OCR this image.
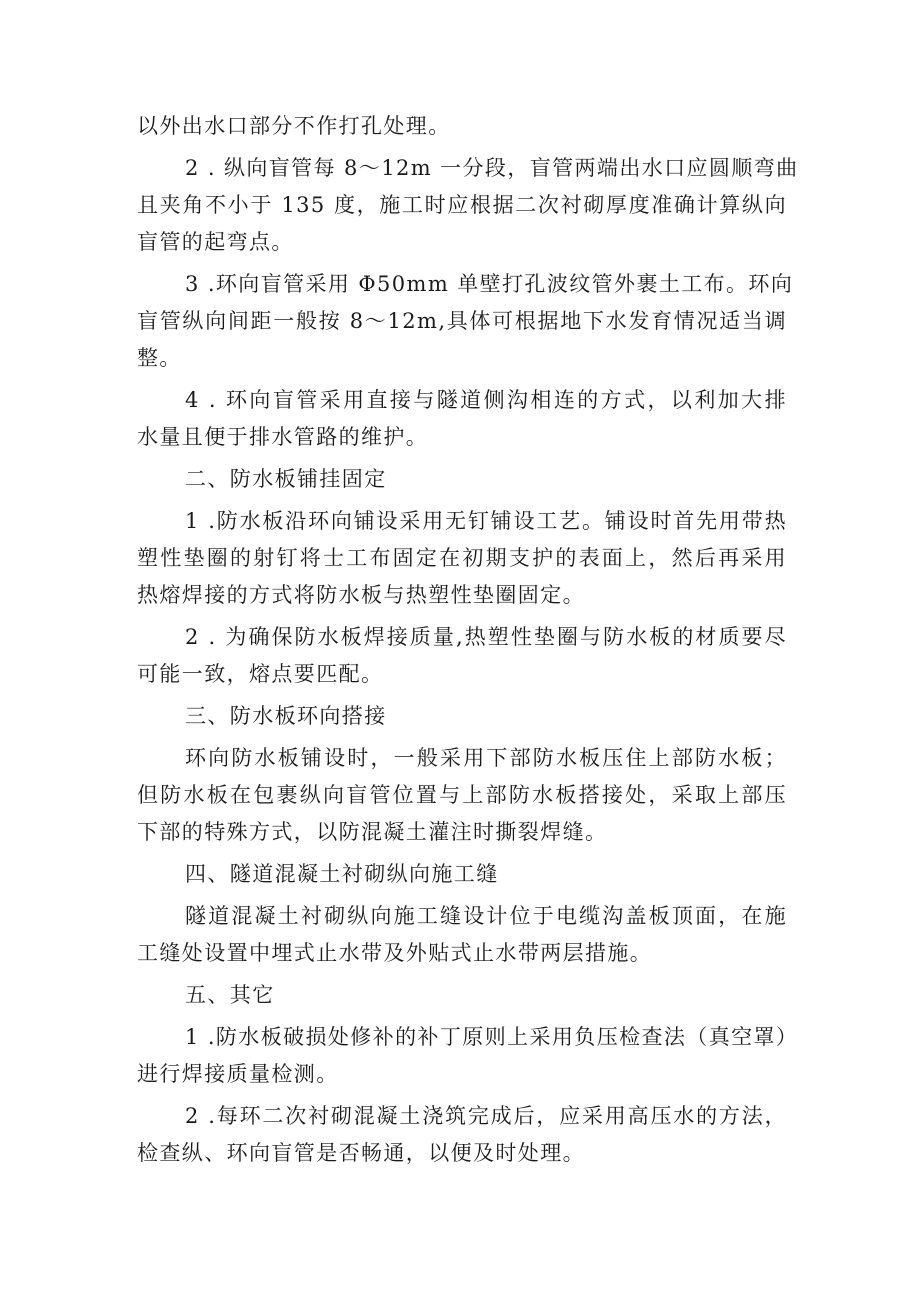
以外出水口部分不作打孔处理。
2 . 纵向盲管每 8～12m 一分段，盲管两端出水口应圆顺弯曲
且夹角不小于 135 度，施工时应根据二次衬砌厚度准确计算纵向
盲管的起弯点。
3 .环向盲管采用 Φ50mm 单壁打孔波纹管外裹土工布。环向
盲管纵向间距一般按 8～12m,具体可根据地下水发育情况适当调
整。
4 . 环向盲管采用直接与隧道侧沟相连的方式，以利加大排
水量且便于排水管路的维护。
二、防水板铺挂固定
1 .防水板沿环向铺设采用无钉铺设工艺。铺设时首先用带热
塑性垫圈的射钉将士工布固定在初期支护的表面上，然后再采用
热熔焊接的方式将防水板与热塑性垫圈固定。
2 . 为确保防水板焊接质量,热塑性垫圈与防水板的材质要尽
可能一致，熔点要匹配。
三、防水板环向搭接
环向防水板铺设时，一般采用下部防水板压住上部防水板；
但防水板在包裹纵向盲管位置与上部防水板搭接处，采取上部压
下部的特殊方式，以防混凝土灌注时撕裂焊缝。
四、隧道混凝土衬砌纵向施工缝
隧道混凝土衬砌纵向施工缝设计位于电缆沟盖板顶面，在施
工缝处设置中埋式止水带及外贴式止水带两层措施。
五、其它
1 .防水板破损处修补的补丁原则上采用负压检查法（真空罩）
进行焊接质量检测。
2 .每环二次衬砌混凝土浇筑完成后，应采用高压水的方法，
检查纵、环向盲管是否畅通，以便及时处理。
